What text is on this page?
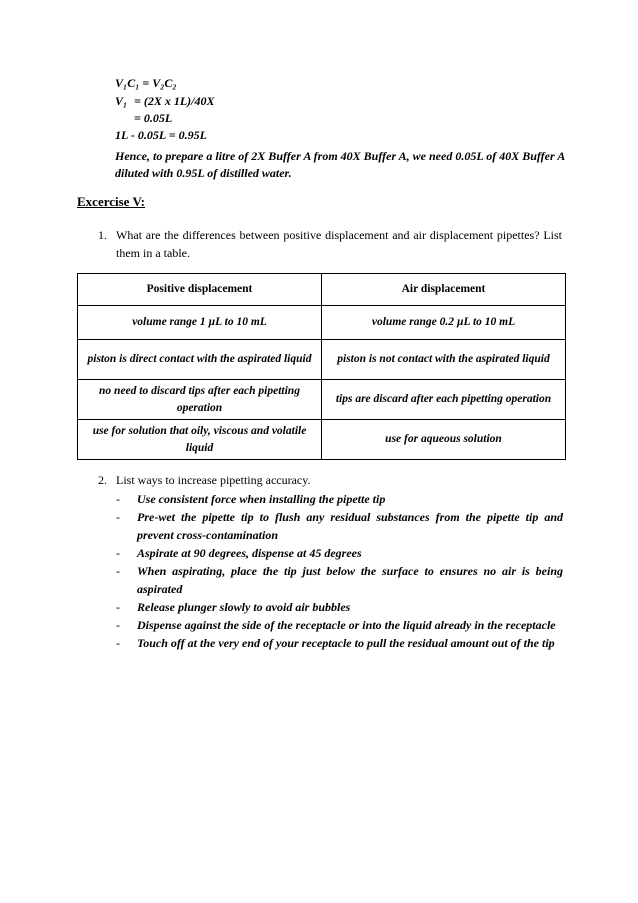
V₁C₁ = V₂C₂
V₁ = (2X x 1L)/40X
= 0.05L
1L - 0.05L = 0.95L

Hence, to prepare a litre of 2X Buffer A from 40X Buffer A, we need 0.05L of 40X Buffer A diluted with 0.95L of distilled water.

Excercise V:
1. What are the differences between positive displacement and air displacement pipettes? List them in a table.
Positive displacement	Air displacement
volume range 1 µL to 10 mL	volume range 0.2 µL to 10 mL
piston is direct contact with the aspirated liquid	piston is not contact with the aspirated liquid
no need to discard tips after each pipetting operation	tips are discard after each pipetting operation
use for solution that oily, viscous and volatile liquid	use for aqueous solution
2. List ways to increase pipetting accuracy.
- Use consistent force when installing the pipette tip
- Pre-wet the pipette tip to flush any residual substances from the pipette tip and prevent cross-contamination
- Aspirate at 90 degrees, dispense at 45 degrees
- When aspirating, place the tip just below the surface to ensures no air is being aspirated
- Release plunger slowly to avoid air bubbles
- Dispense against the side of the receptacle or into the liquid already in the receptacle
- Touch off at the very end of your receptacle to pull the residual amount out of the tip
